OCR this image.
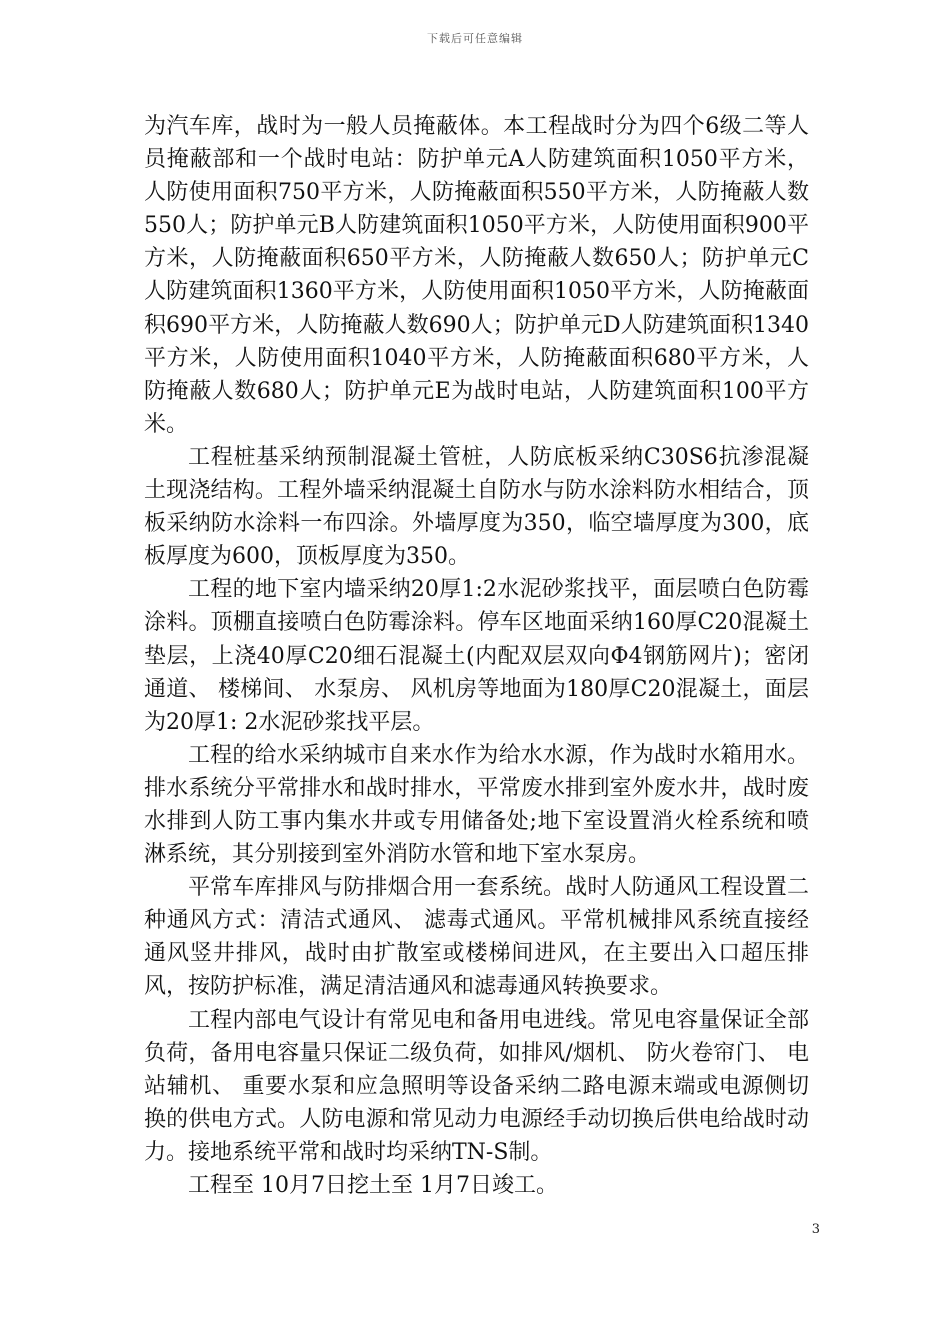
下载后可任意编辑

为汽车库，战时为一般人员掩蔽体。本工程战时分为四个6级二等人员掩蔽部和一个战时电站：防护单元A人防建筑面积1050平方米，人防使用面积750平方米，人防掩蔽面积550平方米，人防掩蔽人数550人；防护单元B人防建筑面积1050平方米，人防使用面积900平方米，人防掩蔽面积650平方米，人防掩蔽人数650人；防护单元C人防建筑面积1360平方米，人防使用面积1050平方米，人防掩蔽面积690平方米，人防掩蔽人数690人；防护单元D人防建筑面积1340平方米，人防使用面积1040平方米，人防掩蔽面积680平方米，人防掩蔽人数680人；防护单元E为战时电站，人防建筑面积100平方米。

工程桩基采纳预制混凝土管桩，人防底板采纳C30S6抗渗混凝土现浇结构。工程外墙采纳混凝土自防水与防水涂料防水相结合，顶板采纳防水涂料一布四涂。外墙厚度为350，临空墙厚度为300，底板厚度为600，顶板厚度为350。

工程的地下室内墙采纳20厚1:2水泥砂浆找平，面层喷白色防霉涂料。顶棚直接喷白色防霉涂料。停车区地面采纳160厚C20混凝土垫层，上浇40厚C20细石混凝土(内配双层双向Φ4钢筋网片)；密闭通道、 楼梯间、 水泵房、 风机房等地面为180厚C20混凝土，面层为20厚1: 2水泥砂浆找平层。

工程的给水采纳城市自来水作为给水水源，作为战时水箱用水。排水系统分平常排水和战时排水，平常废水排到室外废水井，战时废水排到人防工事内集水井或专用储备处;地下室设置消火栓系统和喷淋系统，其分别接到室外消防水管和地下室水泵房。

平常车库排风与防排烟合用一套系统。战时人防通风工程设置二种通风方式：清洁式通风、 滤毒式通风。平常机械排风系统直接经通风竖井排风，战时由扩散室或楼梯间进风，在主要出入口超压排风，按防护标准，满足清洁通风和滤毒通风转换要求。

工程内部电气设计有常见电和备用电进线。常见电容量保证全部负荷，备用电容量只保证二级负荷，如排风/烟机、 防火卷帘门、 电站辅机、 重要水泵和应急照明等设备采纳二路电源末端或电源侧切换的供电方式。人防电源和常见动力电源经手动切换后供电给战时动力。接地系统平常和战时均采纳TN-S制。

工程至 10月7日挖土至 1月7日竣工。

3
